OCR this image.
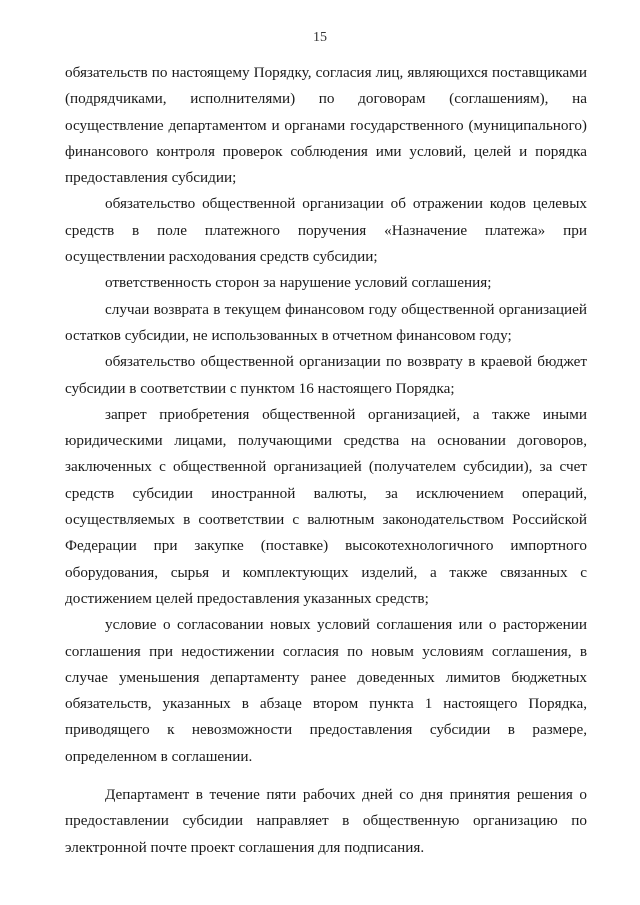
15

обязательств по настоящему Порядку, согласия лиц, являющихся поставщиками (подрядчиками, исполнителями) по договорам (соглашениям), на осуществление департаментом и органами государственного (муниципального) финансового контроля проверок соблюдения ими условий, целей и порядка предоставления субсидии;

обязательство общественной организации об отражении кодов целевых средств в поле платежного поручения «Назначение платежа» при осуществлении расходования средств субсидии;

ответственность сторон за нарушение условий соглашения;

случаи возврата в текущем финансовом году общественной организацией остатков субсидии, не использованных в отчетном финансовом году;

обязательство общественной организации по возврату в краевой бюджет субсидии в соответствии с пунктом 16 настоящего Порядка;

запрет приобретения общественной организацией, а также иными юридическими лицами, получающими средства на основании договоров, заключенных с общественной организацией (получателем субсидии), за счет средств субсидии иностранной валюты, за исключением операций, осуществляемых в соответствии с валютным законодательством Российской Федерации при закупке (поставке) высокотехнологичного импортного оборудования, сырья и комплектующих изделий, а также связанных с достижением целей предоставления указанных средств;

условие о согласовании новых условий соглашения или о расторжении соглашения при недостижении согласия по новым условиям соглашения, в случае уменьшения департаменту ранее доведенных лимитов бюджетных обязательств, указанных в абзаце втором пункта 1 настоящего Порядка, приводящего к невозможности предоставления субсидии в размере, определенном в соглашении.

Департамент в течение пяти рабочих дней со дня принятия решения о предоставлении субсидии направляет в общественную организацию по электронной почте проект соглашения для подписания.
